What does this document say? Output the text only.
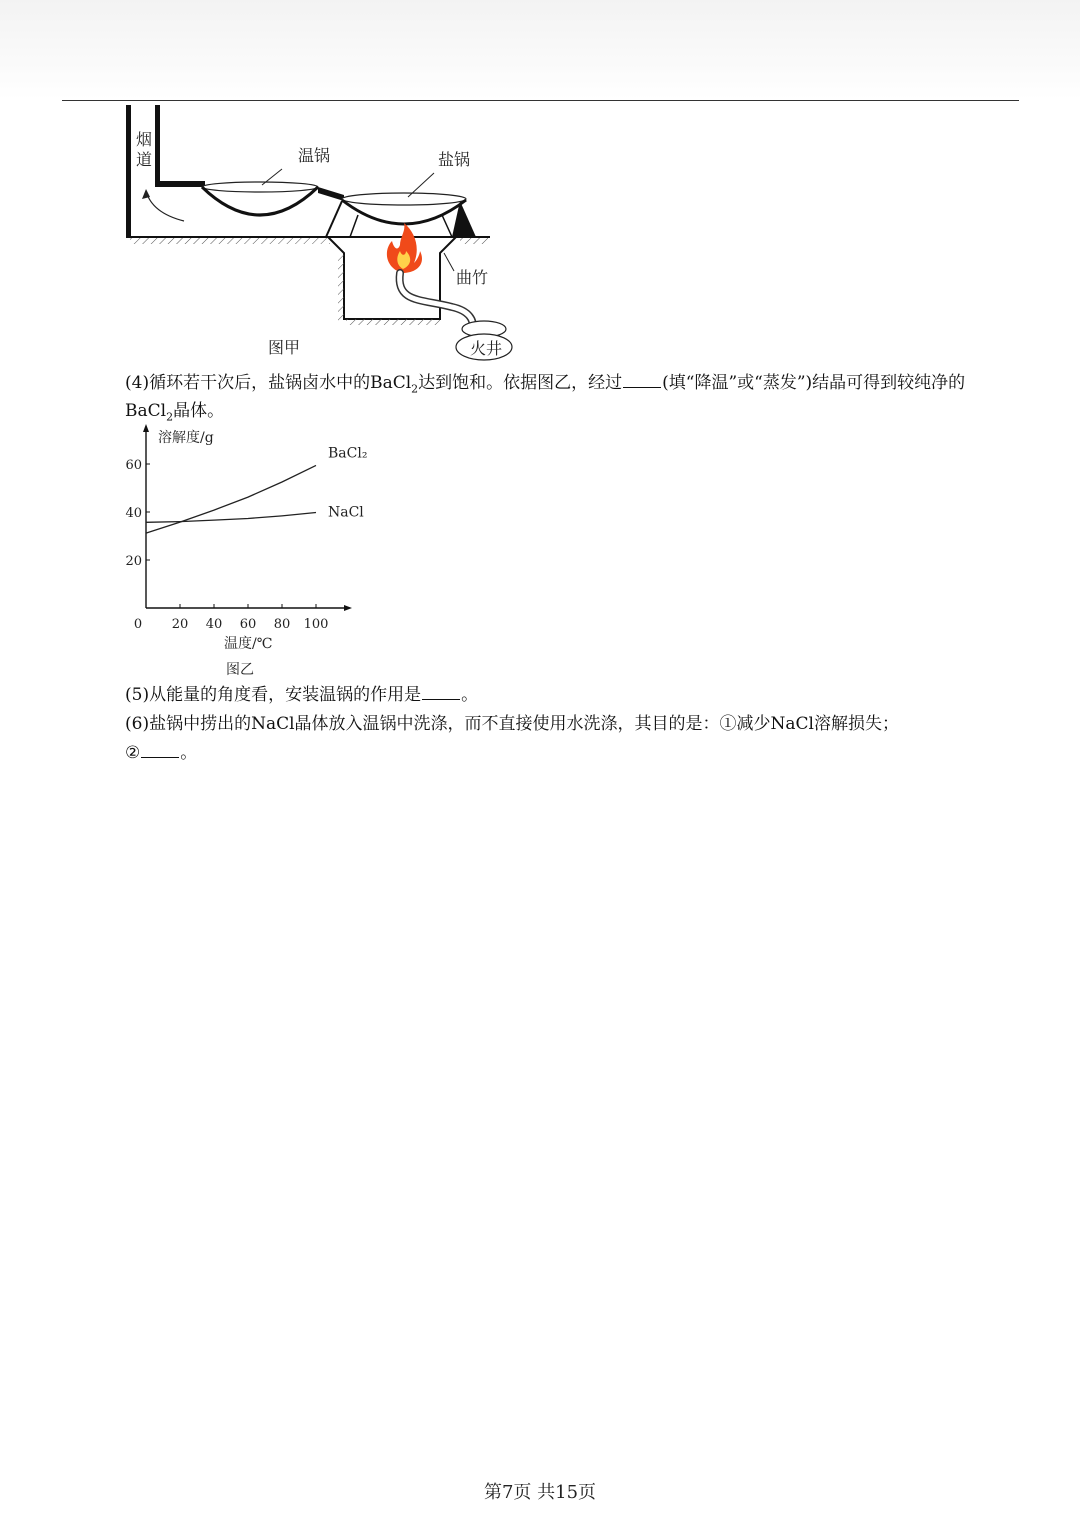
烟
道	温锅	盐锅
曲竹
火井
图甲
(4)循环若干次后，盐锅卤水中的BaCl$_2$达到饱和。依据图乙，经过 (填“降温”或“蒸发”)结晶可得到较纯净的
BaCl$_2$晶体。
BaCl₂
NaCl
0 20 40 60 80 100
20
40
60
溶解度/g
温度/℃
图乙
(5)从能量的角度看，安装温锅的作用是 。
(6)盐锅中捞出的NaCl晶体放入温锅中洗涤，而不直接使用水洗涤，其目的是：①减少NaCl溶解损失；
② 。
第7页 共15页
